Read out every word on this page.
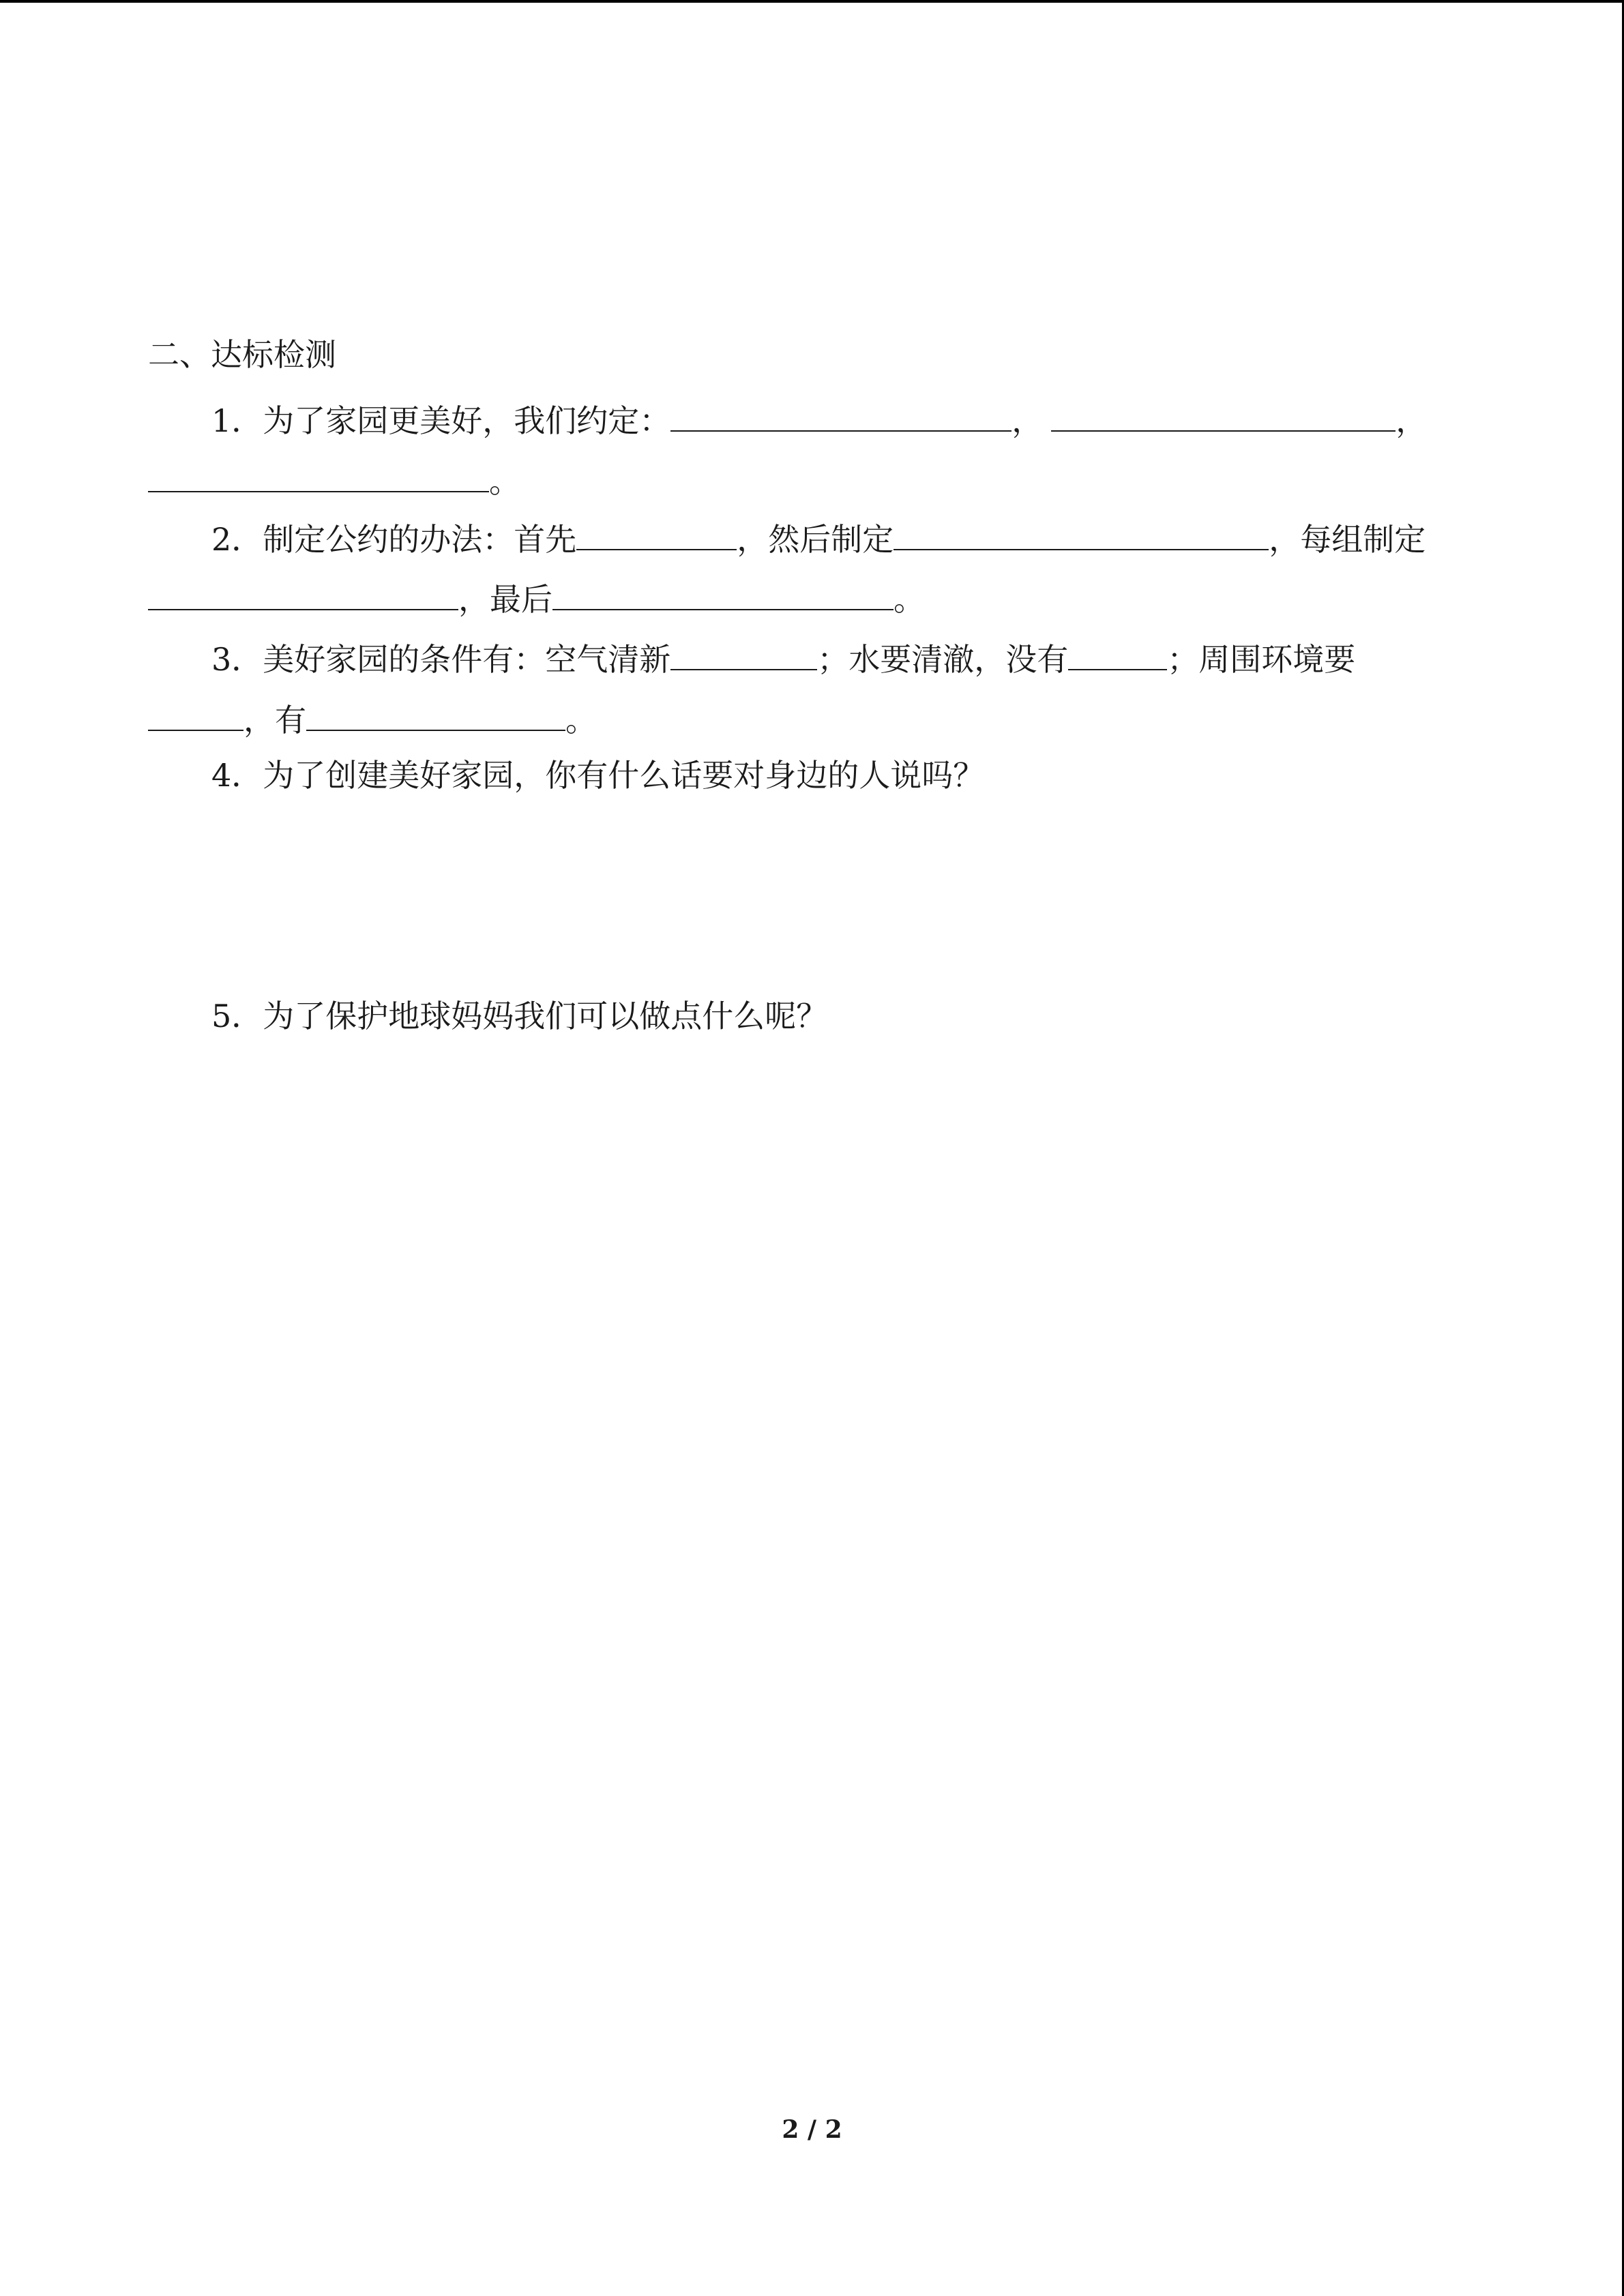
二、达标检测
1．为了家园更美好，我们约定：	，	，
。
2．制定公约的办法：首先	，然后制定	，每组制定
，最后	。
3．美好家园的条件有：空气清新	；水要清澈，没有	；周围环境要
，有	。
4．为了创建美好家园，你有什么话要对身边的人说吗？
5．为了保护地球妈妈我们可以做点什么呢？
2 / 2
